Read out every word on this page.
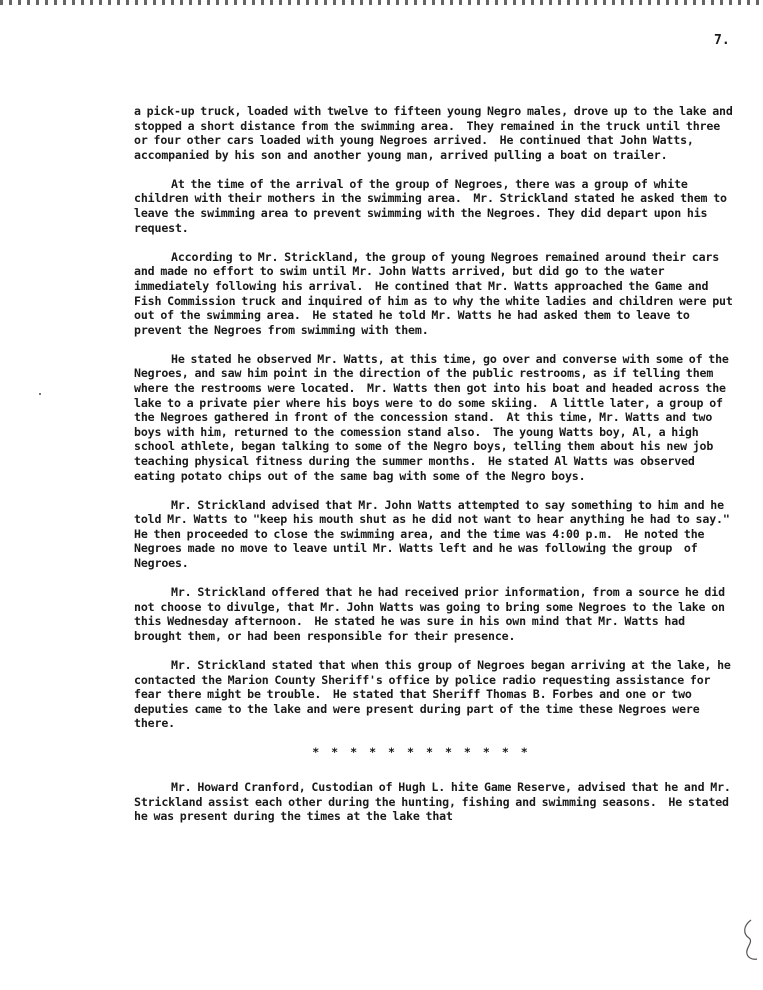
7.

a pick-up truck, loaded with twelve to fifteen young Negro males, drove up to the lake and stopped a short distance from the swimming area.  They remained in the truck until three or four other cars loaded with young Negroes arrived.  He continued that John Watts, accompanied by his son and another young man, arrived pulling a boat on trailer.

At the time of the arrival of the group of Negroes, there was a group of white children with their mothers in the swimming area.  Mr. Strickland stated he asked them to leave the swimming area to prevent swimming with the Negroes. They did depart upon his request.

According to Mr. Strickland, the group of young Negroes remained around their cars and made no effort to swim until Mr. John Watts arrived, but did go to the water immediately following his arrival.  He contined that Mr. Watts approached the Game and Fish Commission truck and inquired of him as to why the white ladies and children were put out of the swimming area.  He stated he told Mr. Watts he had asked them to leave to prevent the Negroes from swimming with them.

He stated he observed Mr. Watts, at this time, go over and converse with some of the Negroes, and saw him point in the direction of the public restrooms, as if telling them where the restrooms were located.  Mr. Watts then got into his boat and headed across the lake to a private pier where his boys were to do some skiing.  A little later, a group of the Negroes gathered in front of the concession stand.  At this time, Mr. Watts and two boys with him, returned to the comession stand also.  The young Watts boy, Al, a high school athlete, began talking to some of the Negro boys, telling them about his new job teaching physical fitness during the summer months.  He stated Al Watts was observed eating potato chips out of the same bag with some of the Negro boys.

Mr. Strickland advised that Mr. John Watts attempted to say something to him and he told Mr. Watts to "keep his mouth shut as he did not want to hear anything he had to say."  He then proceeded to close the swimming area, and the time was 4:00 p.m.  He noted the Negroes made no move to leave until Mr. Watts left and he was following the group  of Negroes.

Mr. Strickland offered that he had received prior information, from a source he did not choose to divulge, that Mr. John Watts was going to bring some Negroes to the lake on this Wednesday afternoon.  He stated he was sure in his own mind that Mr. Watts had brought them, or had been responsible for their presence.

Mr. Strickland stated that when this group of Negroes began arriving at the lake, he contacted the Marion County Sheriff's office by police radio requesting assistance for fear there might be trouble.  He stated that Sheriff Thomas B. Forbes and one or two deputies came to the lake and were present during part of the time these Negroes were there.

* * * * * * * * * * * *

Mr. Howard Cranford, Custodian of Hugh L. hite Game Reserve, advised that he and Mr. Strickland assist each other during the hunting, fishing and swimming seasons.  He stated he was present during the times at the lake that
